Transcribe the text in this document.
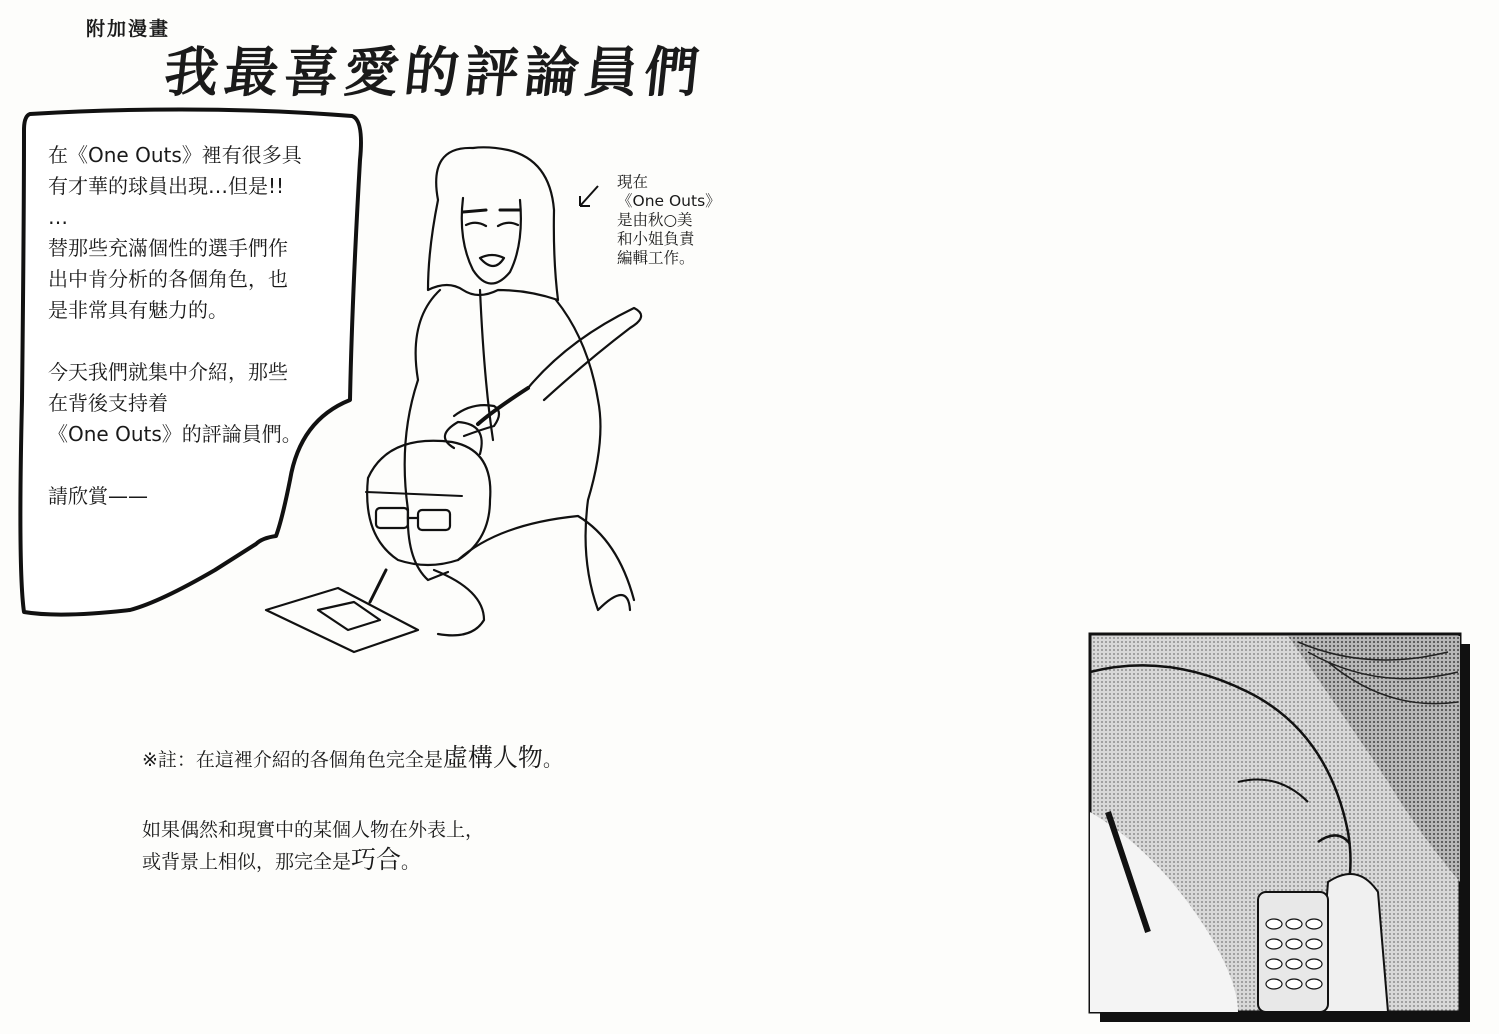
附加漫畫
我最喜愛的評論員們
在《One Outs》裡有很多具
有才華的球員出現…但是!!
…
替那些充滿個性的選手們作
出中肯分析的各個角色，也
是非常具有魅力的。

今天我們就集中介紹，那些
在背後支持着
《One Outs》的評論員們。

請欣賞——
現在
《One Outs》
是由秋○美
和小姐負責
編輯工作。
※註：在這裡介紹的各個角色完全是虛構人物。
如果偶然和現實中的某個人物在外表上，
或背景上相似，那完全是巧合。
